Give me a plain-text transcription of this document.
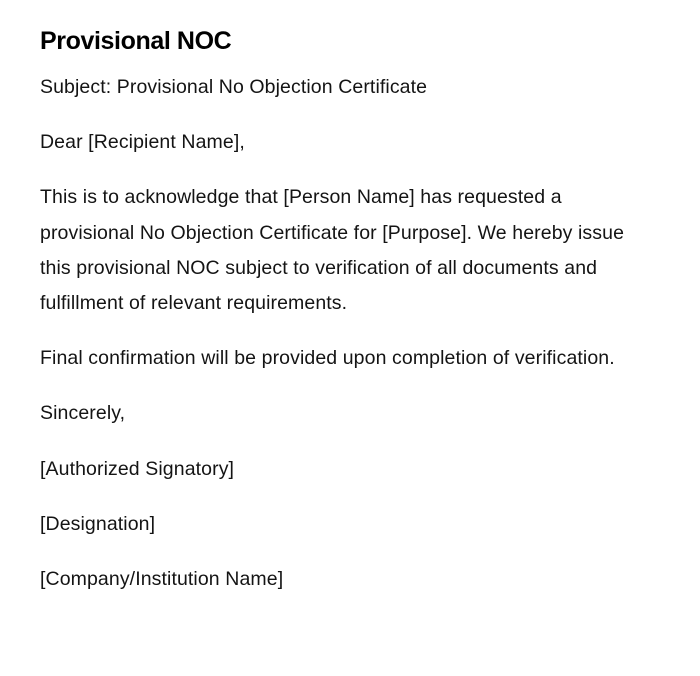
Provisional NOC

Subject: Provisional No Objection Certificate

Dear [Recipient Name],

This is to acknowledge that [Person Name] has requested a provisional No Objection Certificate for [Purpose]. We hereby issue this provisional NOC subject to verification of all documents and fulfillment of relevant requirements.

Final confirmation will be provided upon completion of verification.

Sincerely,

[Authorized Signatory]

[Designation]

[Company/Institution Name]
